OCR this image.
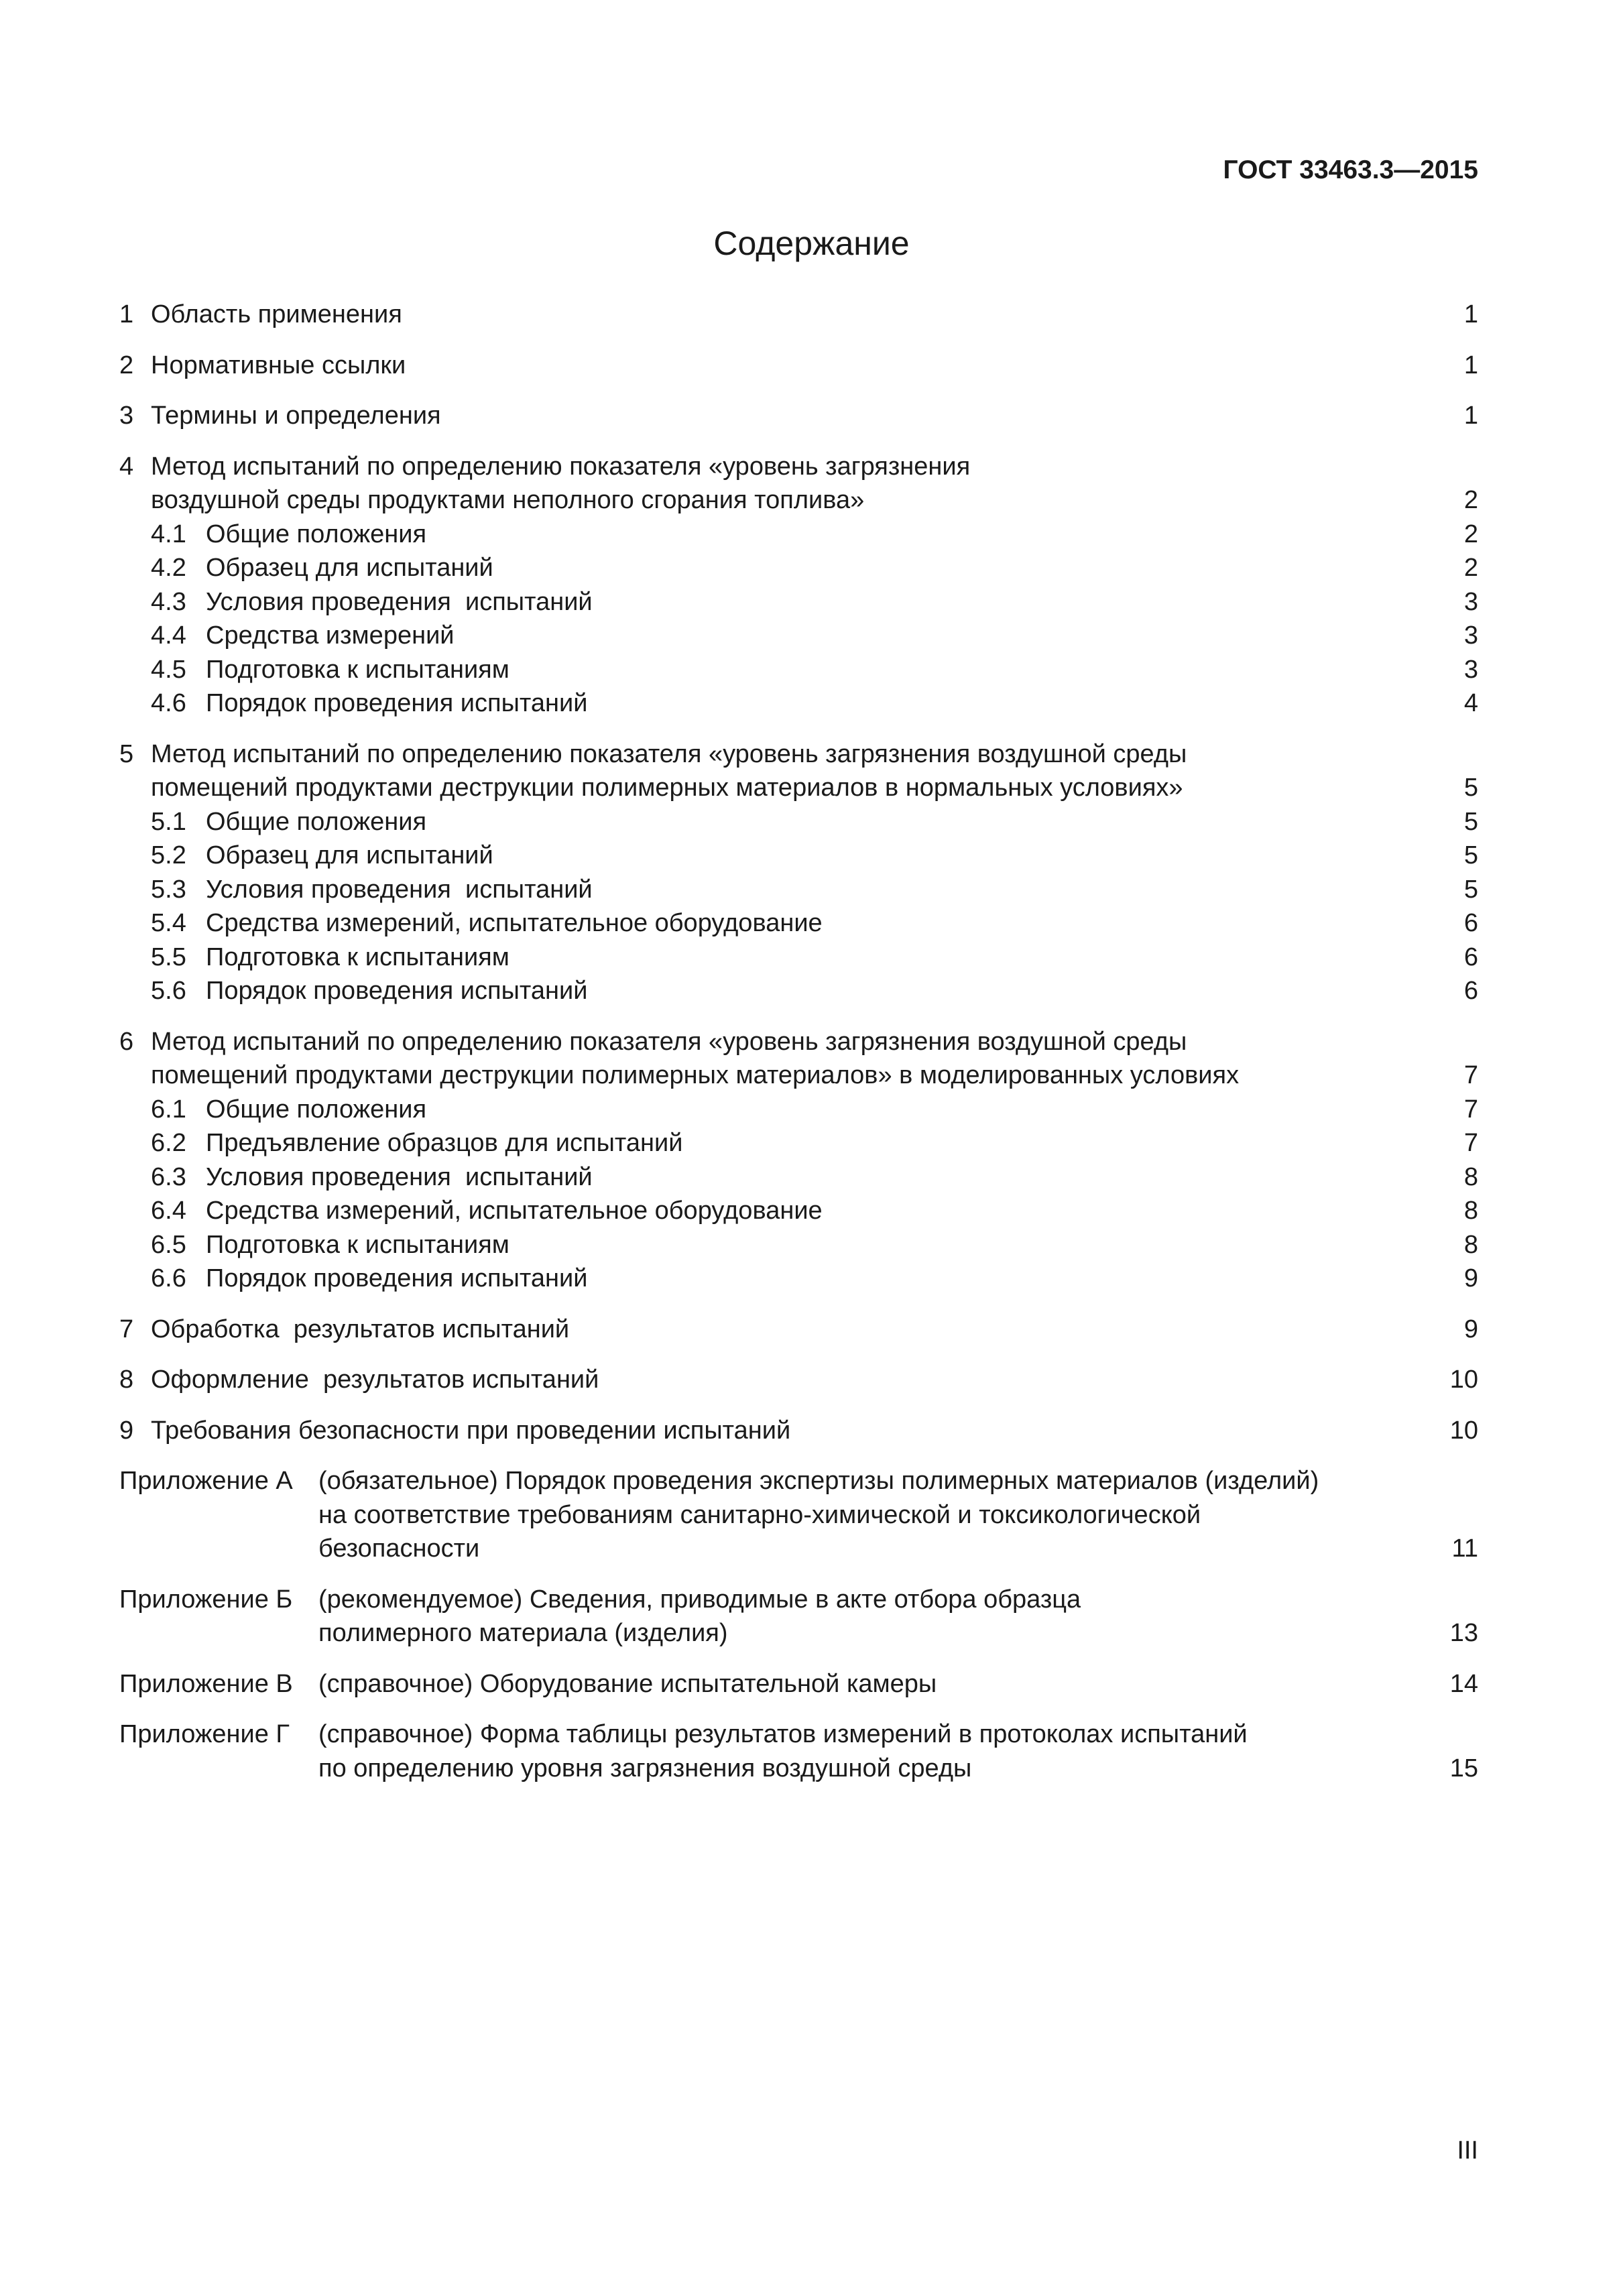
ГОСТ 33463.3—2015
Содержание
1 Область применения .....	1
2 Нормативные ссылки .....	1
3 Термины и определения .....	1
4 Метод испытаний по определению показателя «уровень загрязнения
воздушной среды продуктами неполного сгорания топлива» .....	2
4.1 Общие положения .....	2
4.2 Образец для испытаний .....	2
4.3 Условия проведения  испытаний .....	3
4.4 Средства измерений .....	3
4.5 Подготовка к испытаниям .....	3
4.6 Порядок проведения испытаний .....	4
5 Метод испытаний по определению показателя «уровень загрязнения воздушной среды
помещений продуктами деструкции полимерных материалов в нормальных условиях» .....	5
5.1 Общие положения .....	5
5.2 Образец для испытаний .....	5
5.3 Условия проведения  испытаний .....	5
5.4 Средства измерений, испытательное оборудование .....	6
5.5 Подготовка к испытаниям .....	6
5.6 Порядок проведения испытаний .....	6
6 Метод испытаний по определению показателя «уровень загрязнения воздушной среды
помещений продуктами деструкции полимерных материалов» в моделированных условиях .....	7
6.1 Общие положения .....	7
6.2 Предъявление образцов для испытаний .....	7
6.3 Условия проведения  испытаний .....	8
6.4 Средства измерений, испытательное оборудование .....	8
6.5 Подготовка к испытаниям .....	8
6.6 Порядок проведения испытаний .....	9
7 Обработка  результатов испытаний .....	9
8 Оформление  результатов испытаний .....	10
9 Требования безопасности при проведении испытаний .....	10
Приложение А	(обязательное) Порядок проведения экспертизы полимерных материалов (изделий)
на соответствие требованиям санитарно-химической и токсикологической
безопасности .....	11
Приложение Б	(рекомендуемое) Сведения, приводимые в акте отбора образца
полимерного материала (изделия) .....	13
Приложение В	(справочное) Оборудование испытательной камеры .....	14
Приложение Г	(справочное) Форма таблицы результатов измерений в протоколах испытаний
по определению уровня загрязнения воздушной среды .....	15
III
